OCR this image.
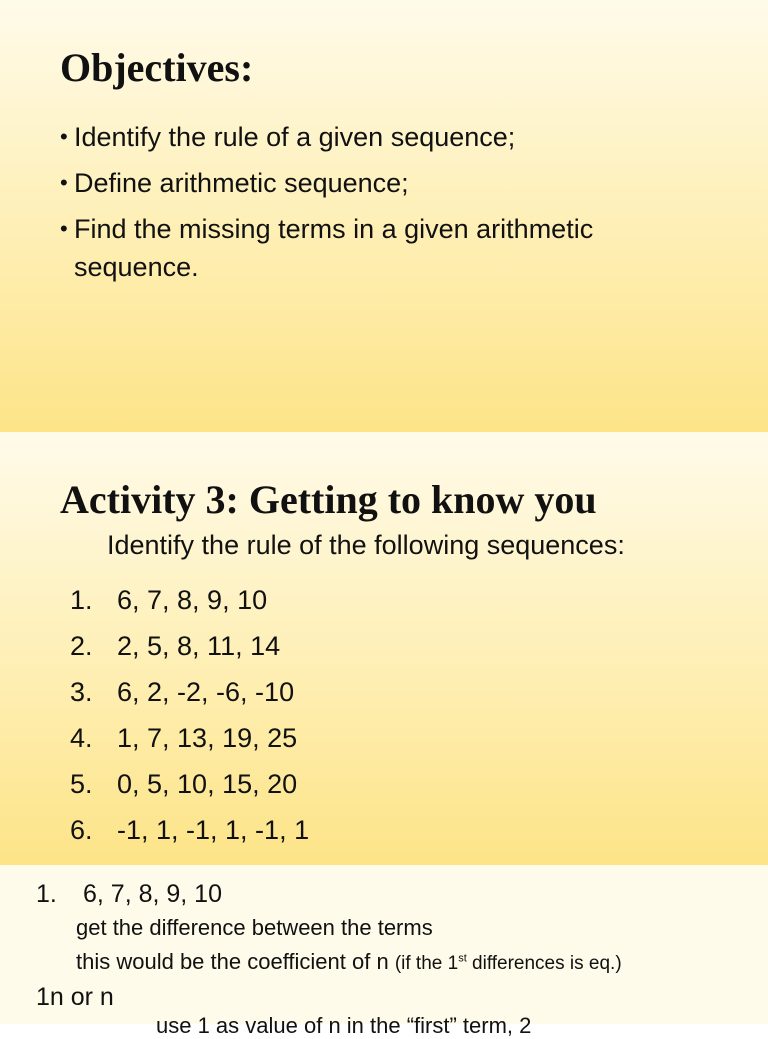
Objectives:
• Identify the rule of a given sequence;
• Define arithmetic sequence;
• Find the missing terms in a given arithmetic sequence.
Activity 3: Getting to know you
Identify the rule of the following sequences:
1. 6, 7, 8, 9, 10
2. 2, 5, 8, 11, 14
3. 6, 2, -2, -6, -10
4. 1, 7, 13, 19, 25
5. 0, 5, 10, 15, 20
6. -1, 1, -1, 1, -1, 1
1. 6, 7, 8, 9, 10
get the difference between the terms
this would be the coefficient of n (if the 1st differences is eq.)
1n or n
use 1 as value of n in the “first” term, 2
